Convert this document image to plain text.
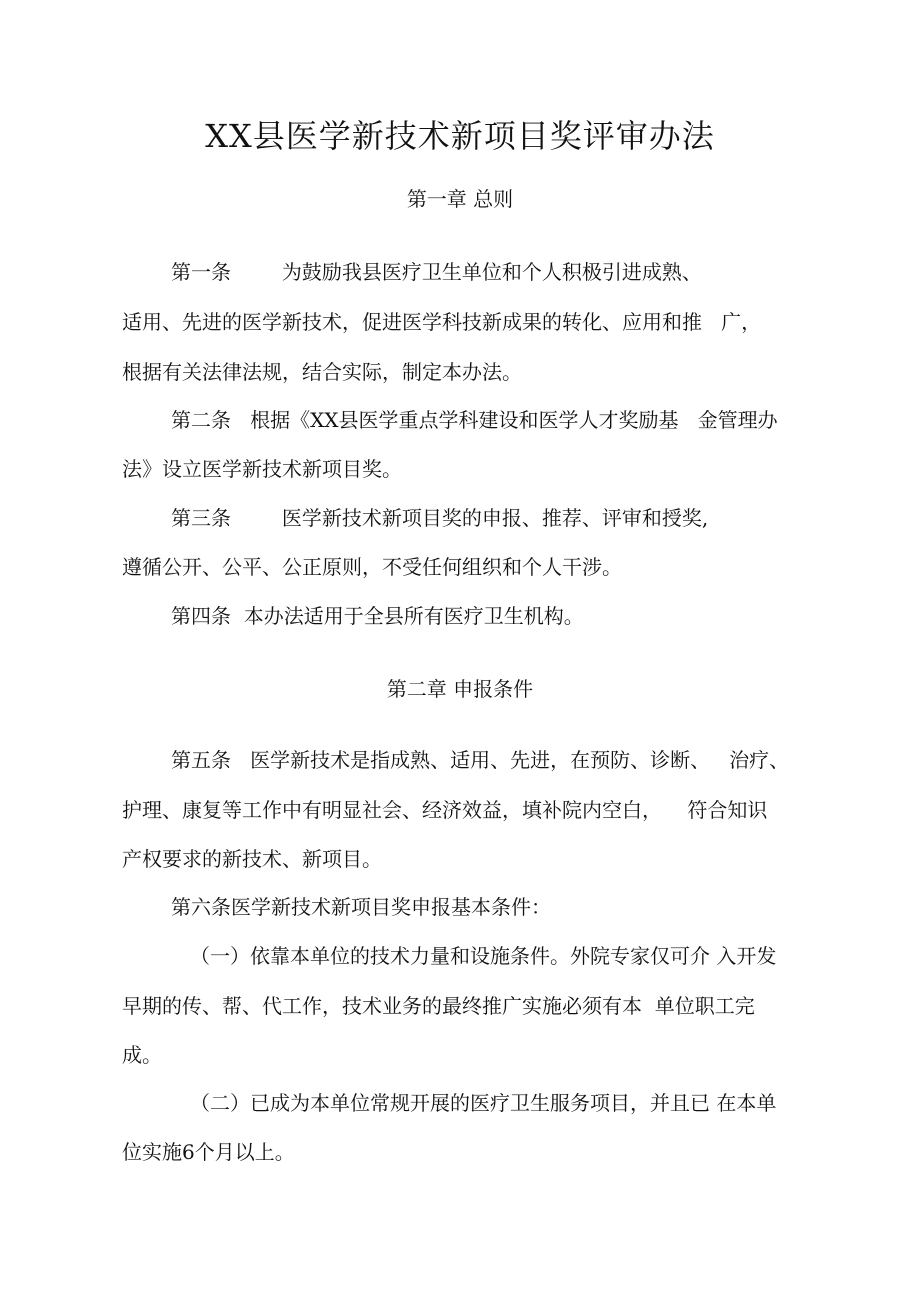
XX县医学新技术新项目奖评审办法
第一章 总则
第一条        为鼓励我县医疗卫生单位和个人积极引进成熟、
适用、先进的医学新技术，促进医学科技新成果的转化、应用和推   广，
根据有关法律法规，结合实际，制定本办法。
第二条   根据《XX县医学重点学科建设和医学人才奖励基   金管理办
法》设立医学新技术新项目奖。
第三条        医学新技术新项目奖的申报、推荐、评审和授奖,
遵循公开、公平、公正原则，不受任何组织和个人干涉。
第四条  本办法适用于全县所有医疗卫生机构。
第二章 申报条件
第五条   医学新技术是指成熟、适用、先进，在预防、诊断、   治疗、
护理、康复等工作中有明显社会、经济效益，填补院内空白，    符合知识
产权要求的新技术、新项目。
第六条医学新技术新项目奖申报基本条件：
（一）依靠本单位的技术力量和设施条件。外院专家仅可介 入开发
早期的传、帮、代工作，技术业务的最终推广实施必须有本  单位职工完
成。
（二）已成为本单位常规开展的医疗卫生服务项目，并且已 在本单
位实施6个月以上。
